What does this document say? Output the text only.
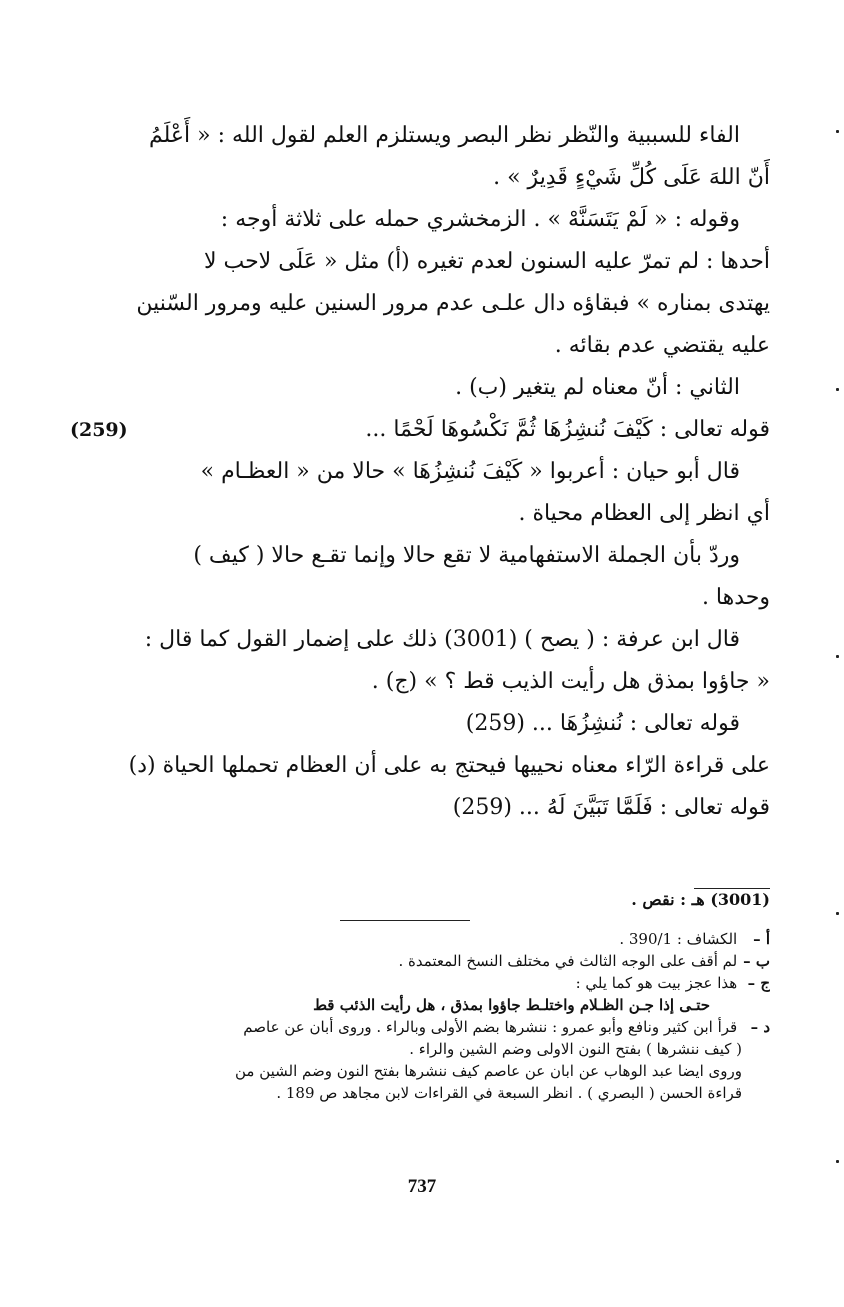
الفاء للسببية والنّظر نظر البصر ويستلزم العلم لقول الله : « أَعْلَمُ
أَنّ اللهَ عَلَى كُلِّ شَيْءٍ قَدِيرٌ » .
وقوله : « لَمْ يَتَسَنَّهْ » . الزمخشري حمله على ثلاثة أوجه :
أحدها : لم تمرّ عليه السنون لعدم تغيره (أ) مثل « عَلَى لاحب لا
يهتدى بمناره » فبقاؤه دال علـى عدم مرور السنين عليه ومرور السّنين
عليه يقتضي عدم بقائه .
الثاني : أنّ معناه لم يتغير (ب) .
(259)	قوله تعالى : كَيْفَ نُنشِزُهَا ثُمَّ نَكْسُوهَا لَحْمًا ...
قال أبو حيان : أعربوا « كَيْفَ نُنشِزُهَا » حالا من « العظـام »
أي انظر إلى العظام محياة .
وردّ بأن الجملة الاستفهامية لا تقع حالا وإنما تقـع حالا ( كيف )
وحدها .
قال ابن عرفة : ( يصح ) (3001) ذلك على إضمار القول كما قال :
« جاؤوا بمذق هل رأيت الذيب قط ؟ » (ج) .
قوله تعالى : نُنشِزُهَا ... (259)
على قراءة الرّاء معناه نحييها فيحتج به على أن العظام تحملها الحياة (د)
قوله تعالى : فَلَمَّا تَبَيَّنَ لَهُ ... (259)
(3001) هـ : نقص .
أ – الكشاف : 390/1 .
ب – لم أقف على الوجه الثالث في مختلف النسخ المعتمدة .
ج – هذا عجز بيت هو كما يلي :
حتـى إذا جـن الظـلام واختلـط جاؤوا بمذق ، هل رأيت الذئب قط
د – قرأ ابن كثير ونافع وأبو عمرو : ننشرها بضم الأولى وبالراء . وروى أبان عن عاصم
( كيف ننشرها ) بفتح النون الاولى وضم الشين والراء .
وروى ايضا عبد الوهاب عن ابان عن عاصم كيف ننشرها بفتح النون وضم الشين من
قراءة الحسن ( البصري ) . انظر السبعة في القراءات لابن مجاهد ص 189 .
737
